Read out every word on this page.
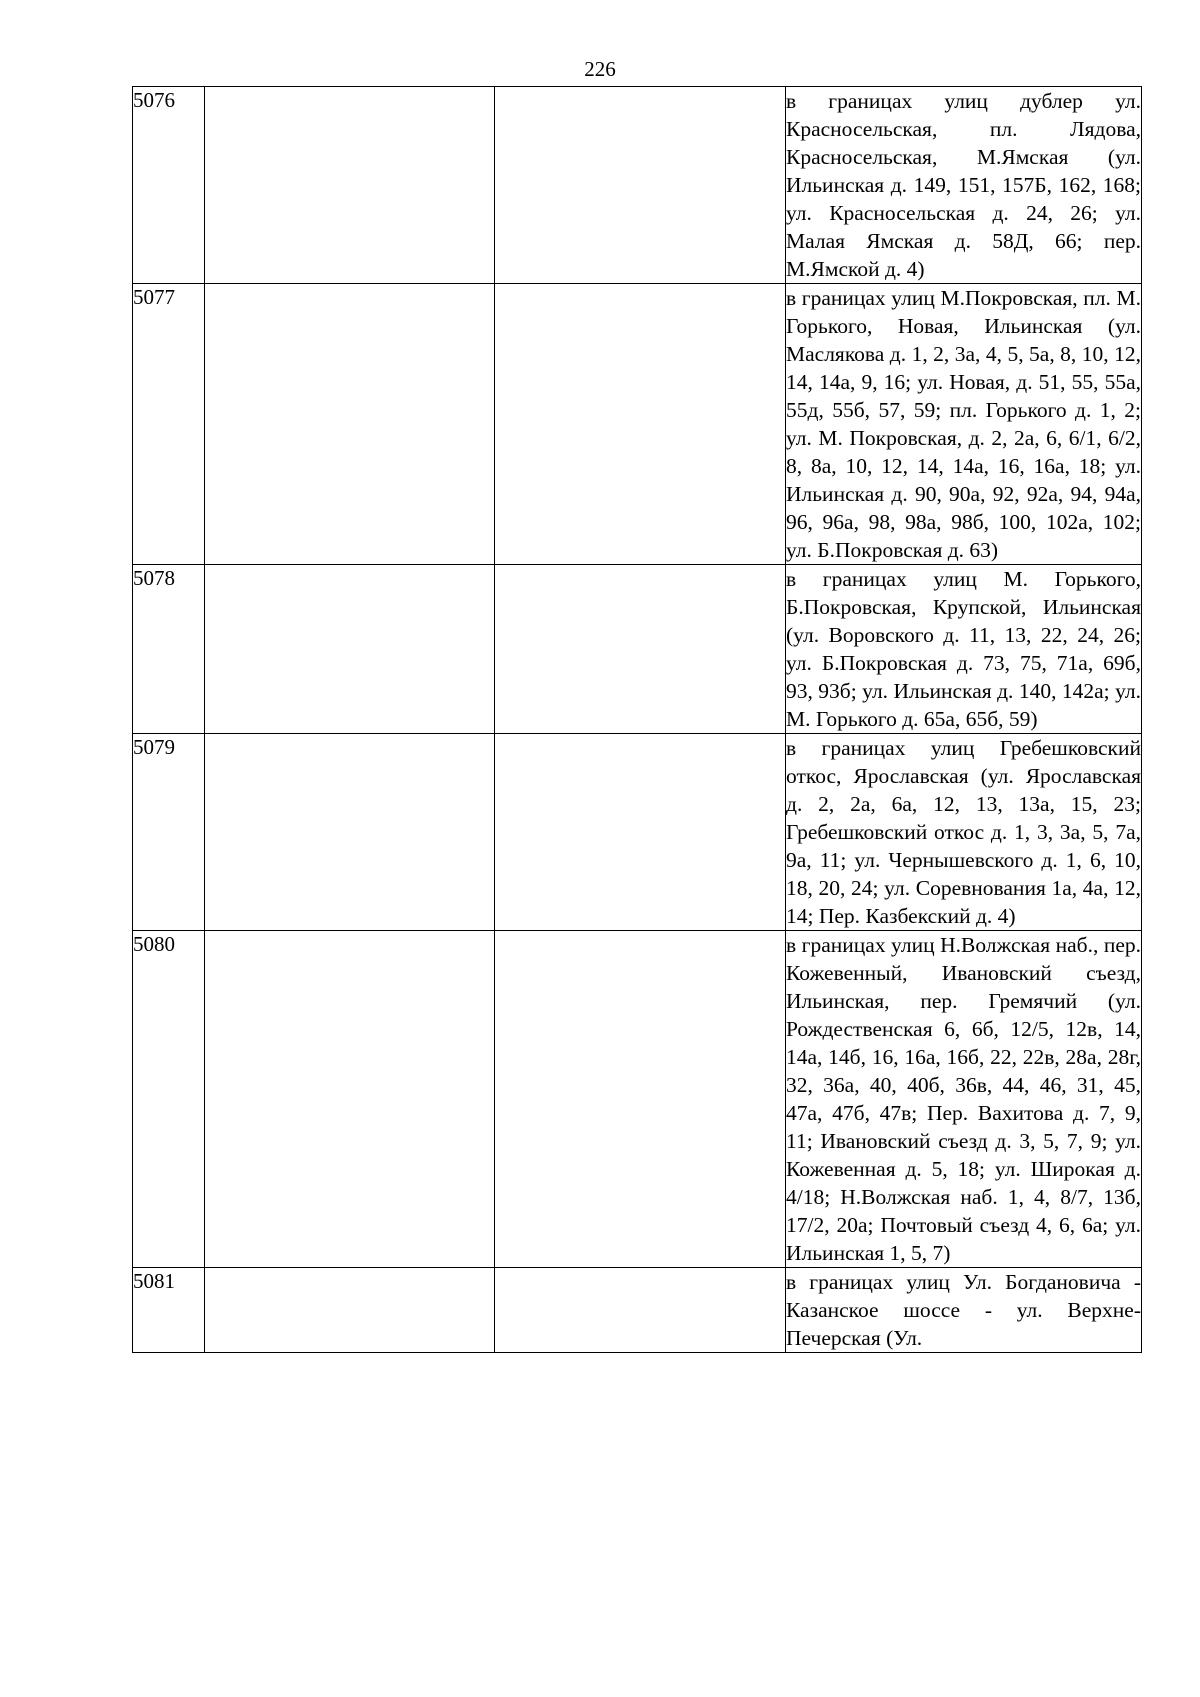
226
5076			в границах улиц дублер ул. Красносельская, пл. Лядова, Красносельская, М.Ямская (ул. Ильинская д. 149, 151, 157Б, 162, 168; ул. Красносельская д. 24, 26; ул. Малая Ямская д. 58Д, 66; пер. М.Ямской д. 4)
5077			в границах улиц М.Покровская, пл. М. Горького, Новая, Ильинская (ул. Маслякова д. 1, 2, 3а, 4, 5, 5а, 8, 10, 12, 14, 14а, 9, 16; ул. Новая, д. 51, 55, 55а, 55д, 55б, 57, 59; пл. Горького д. 1, 2; ул. М. Покровская, д. 2, 2а, 6, 6/1, 6/2, 8, 8а, 10, 12, 14, 14а, 16, 16а, 18; ул. Ильинская д. 90, 90а, 92, 92а, 94, 94а, 96, 96а, 98, 98а, 98б, 100, 102а, 102; ул. Б.Покровская д. 63)
5078			в границах улиц М. Горького, Б.Покровская, Крупской, Ильинская (ул. Воровского д. 11, 13, 22, 24, 26; ул. Б.Покровская д. 73, 75, 71а, 69б, 93, 93б; ул. Ильинская д. 140, 142а; ул. М. Горького д. 65а, 65б, 59)
5079			в границах улиц Гребешковский откос, Ярославская (ул. Ярославская д. 2, 2а, 6а, 12, 13, 13а, 15, 23; Гребешковский откос д. 1, 3, 3а, 5, 7а, 9а, 11; ул. Чернышевского д. 1, 6, 10, 18, 20, 24; ул. Соревнования 1а, 4а, 12, 14; Пер. Казбекский д. 4)
5080			в границах улиц Н.Волжская наб., пер. Кожевенный, Ивановский съезд, Ильинская, пер. Гремячий (ул. Рождественская 6, 6б, 12/5, 12в, 14, 14а, 14б, 16, 16а, 16б, 22, 22в, 28а, 28г, 32, 36а, 40, 40б, 36в, 44, 46, 31, 45, 47а, 47б, 47в; Пер. Вахитова д. 7, 9, 11; Ивановский съезд д. 3, 5, 7, 9; ул. Кожевенная д. 5, 18; ул. Широкая д. 4/18; Н.Волжская наб. 1, 4, 8/7, 13б, 17/2, 20а; Почтовый съезд 4, 6, 6а; ул. Ильинская 1, 5, 7)
5081			в границах улиц Ул. Богдановича - Казанское шоссе - ул. Верхне-Печерская (Ул.
